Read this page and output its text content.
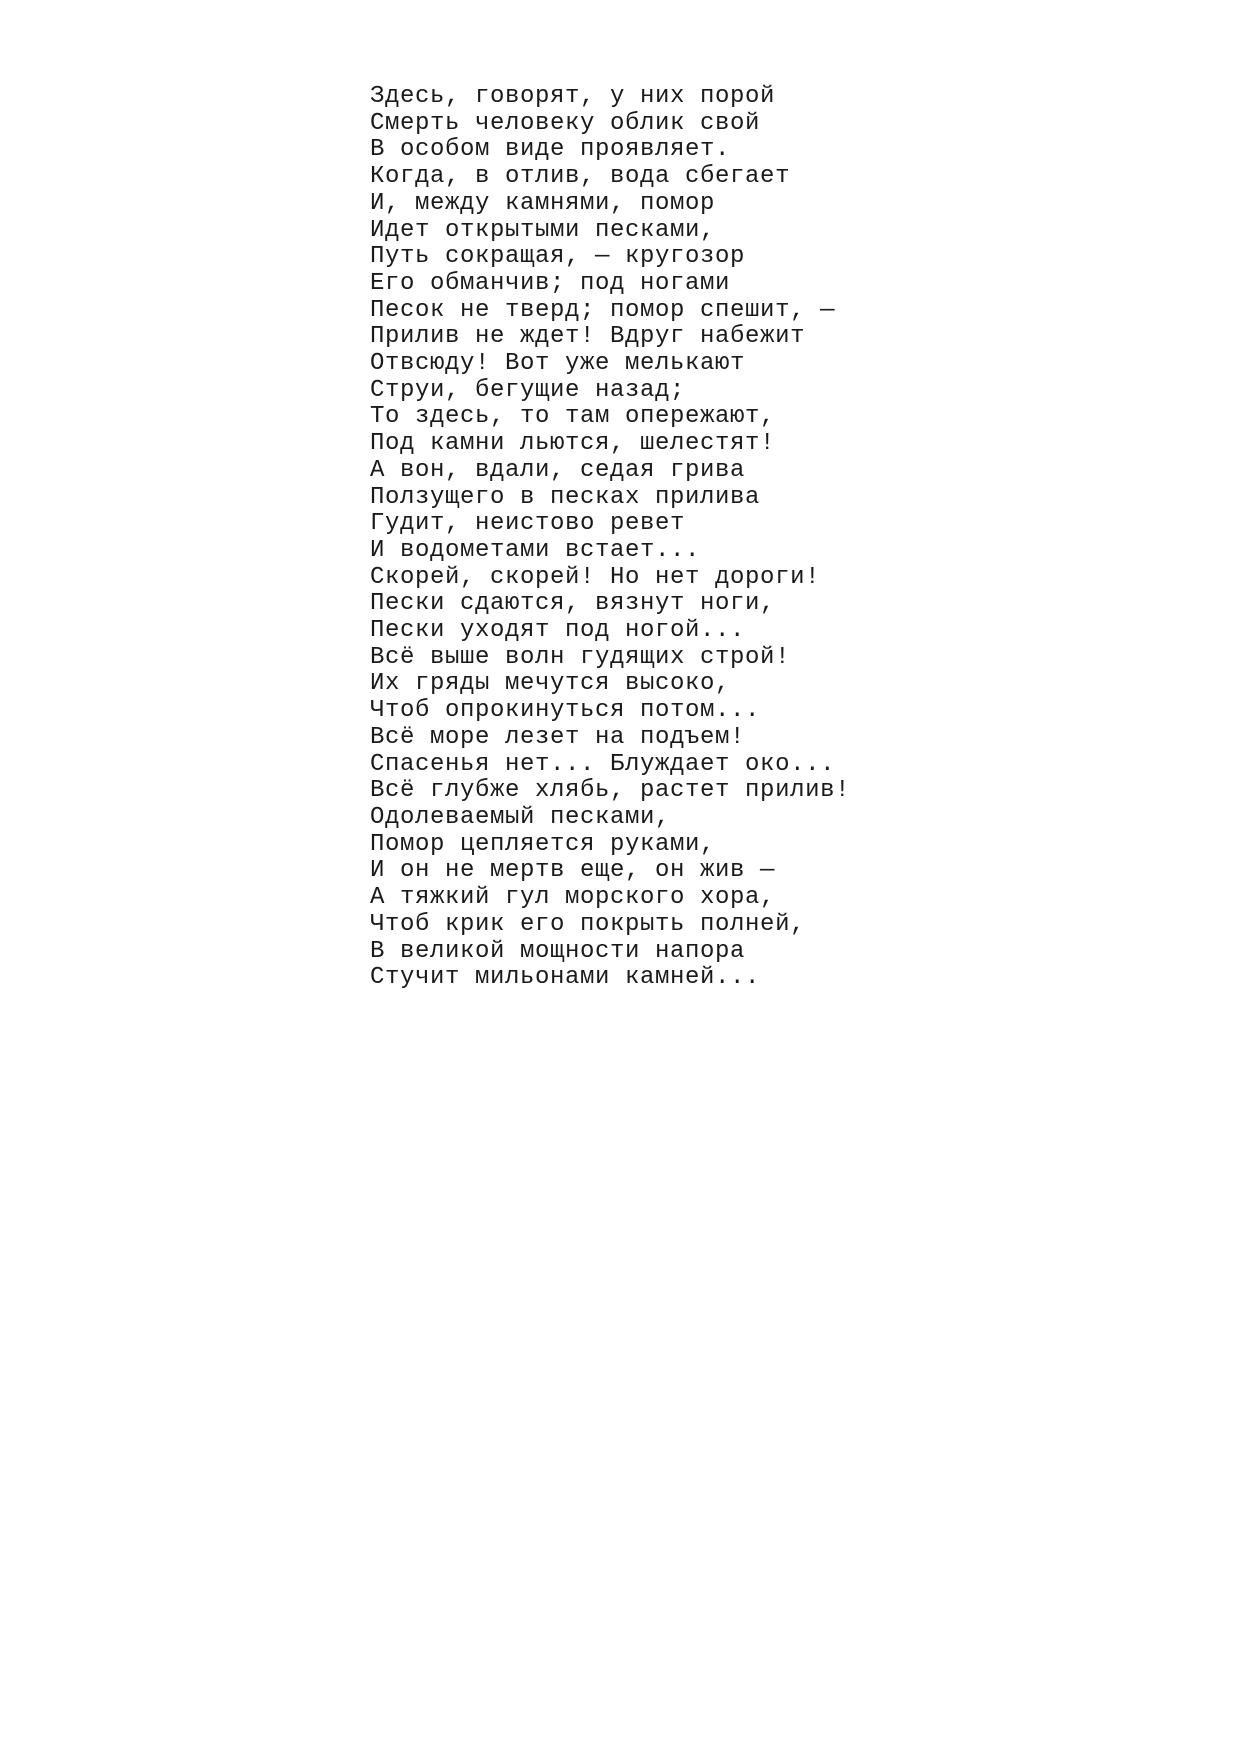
Здесь, говорят, у них порой

Смерть человеку облик свой

В особом виде проявляет.

Когда, в отлив, вода сбегает

И, между камнями, помор

Идет открытыми песками,

Путь сокращая, — кругозор

Его обманчив; под ногами

Песок не тверд; помор спешит, —

Прилив не ждет! Вдруг набежит

Отвсюду! Вот уже мелькают

Струи, бегущие назад;

То здесь, то там опережают,

Под камни льются, шелестят!

А вон, вдали, седая грива

Ползущего в песках прилива

Гудит, неистово ревет

И водометами встает...

Скорей, скорей! Но нет дороги!

Пески сдаются, вязнут ноги,

Пески уходят под ногой...

Всё выше волн гудящих строй!

Их гряды мечутся высоко,

Чтоб опрокинуться потом...

Всё море лезет на подъем!

Спасенья нет... Блуждает око...

Всё глубже хлябь, растет прилив!

Одолеваемый песками,

Помор цепляется руками,

И он не мертв еще, он жив —

А тяжкий гул морского хора,

Чтоб крик его покрыть полней,

В великой мощности напора

Стучит мильонами камней...
